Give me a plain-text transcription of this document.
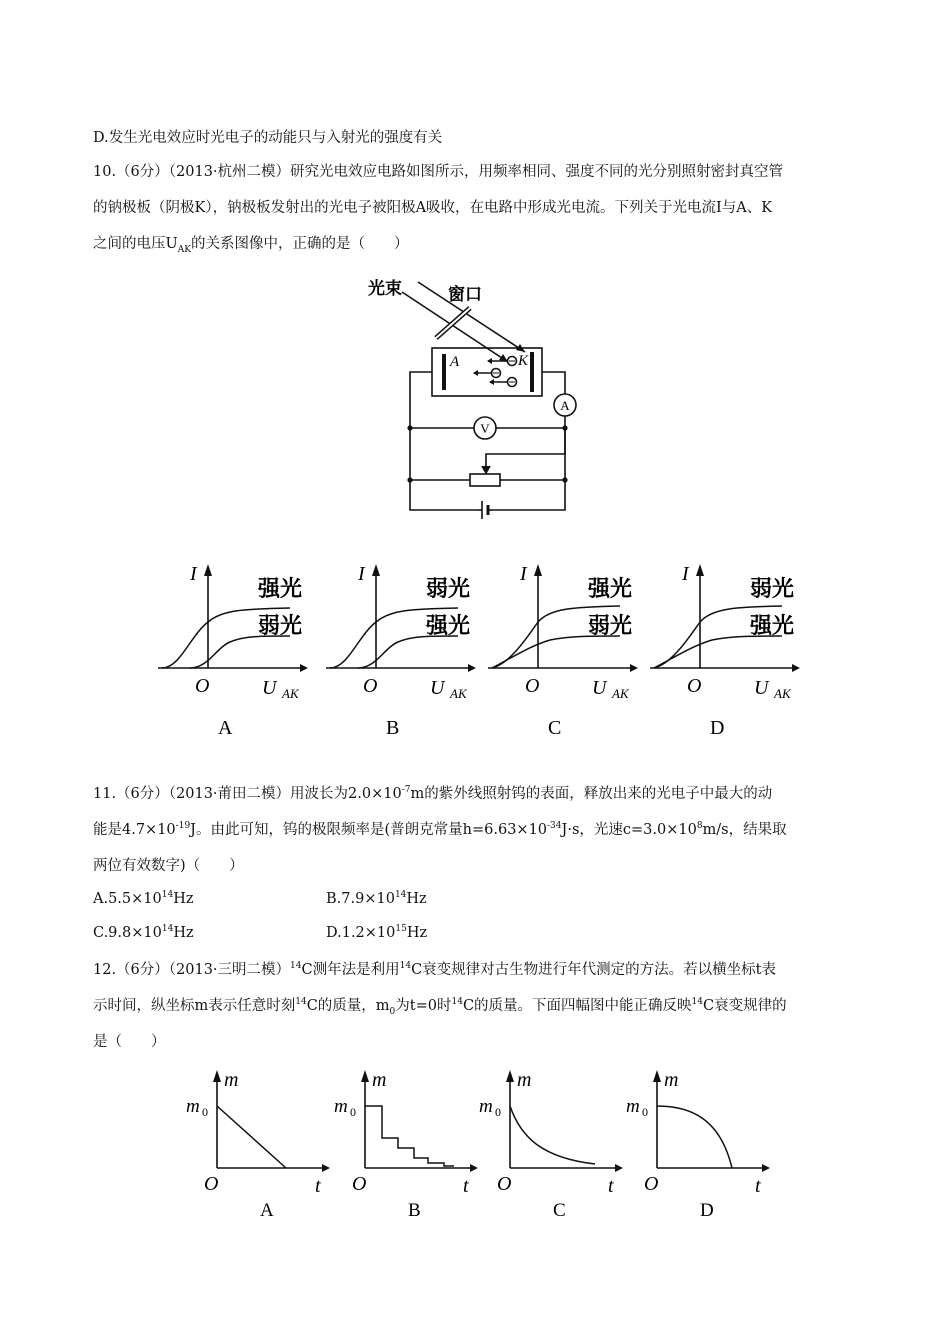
D.发生光电效应时光电子的动能只与入射光的强度有关
10.（6分）（2013·杭州二模）研究光电效应电路如图所示，用频率相同、强度不同的光分别照射密封真空管
的钠极板（阴极K），钠极板发射出的光电子被阳极A吸收，在电路中形成光电流。下列关于光电流I与A、K
之间的电压$U_{AK}$的关系图像中，正确的是（　　）
光束	窗口
A	K
A
V
强光
弱光
I
O	U AK
A
弱光
强光
I
O	U AK
B
强光
弱光
I
O	U AK
C
弱光
强光
I
O	U AK
D
11.（6分）（2013·莆田二模）用波长为$2.0\times 10^{-7}m$的紫外线照射钨的表面，释放出来的光电子中最大的动
能是$4.7\times 10^{-19}J$。由此可知，钨的极限频率是(普朗克常量$h=6.63\times 10^{-34}J\cdot s$，光速$c=3.0\times 10^8m/s$，结果取
两位有效数字)（　　）
$A.5.5\times 10^{14}Hz$	$B.7.9\times 10^{14}Hz$
$C.9.8\times 10^{14}Hz$	$D.1.2\times 10^{15}Hz$
12.（6分）（2013·三明二模）$^{14}$C测年法是利用$^{14}$C衰变规律对古生物进行年代测定的方法。若以横坐标t表
示时间，纵坐标m表示任意时刻$^{14}$C的质量，$m_0$为t=0时$^{14}$C的质量。下面四幅图中能正确反映$^{14}$C衰变规律的
是（　　）
m
m 0
O	t
A
m
m 0
O	t
B
m
m 0
O	t
C
m
m 0
O	t
D
